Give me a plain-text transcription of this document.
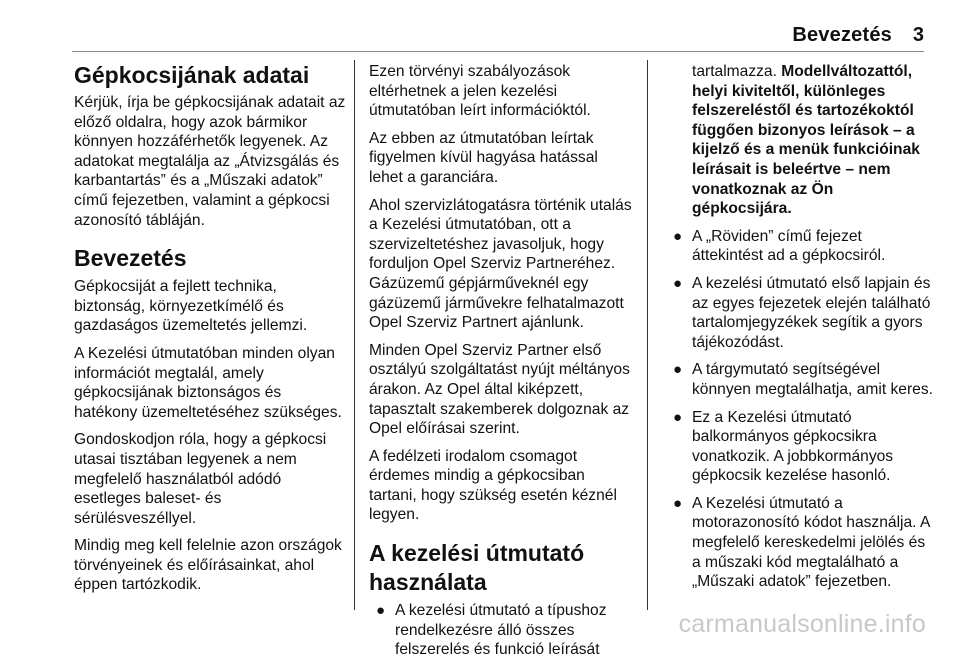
Bevezetés 3
Gépkocsijának adatai

Kérjük, írja be gépkocsijának adatait az előző oldalra, hogy azok bármikor könnyen hozzáférhetők legyenek. Az adatokat megtalálja az „Átvizsgálás és karbantartás” és a „Műszaki adatok” című fejezetben, valamint a gépkocsi azonosító tábláján.

Bevezetés

Gépkocsiját a fejlett technika, biztonság, környezetkímélő és gazdaságos üzemeltetés jellemzi.

A Kezelési útmutatóban minden olyan információt megtalál, amely gépkocsijának biztonságos és hatékony üzemeltetéséhez szükséges.

Gondoskodjon róla, hogy a gépkocsi utasai tisztában legyenek a nem megfelelő használatból adódó esetleges baleset- és sérülésveszéllyel.

Mindig meg kell felelnie azon országok törvényeinek és előírásainkat, ahol éppen tartózkodik.

Ezen törvényi szabályozások eltérhetnek a jelen kezelési útmutatóban leírt információktól.

Az ebben az útmutatóban leírtak figyelmen kívül hagyása hatással lehet a garanciára.

Ahol szervizlátogatásra történik utalás a Kezelési útmutatóban, ott a szervizeltetéshez javasoljuk, hogy forduljon Opel Szerviz Partneréhez. Gázüzemű gépjárműveknél egy gázüzemű járművekre felhatalmazott Opel Szerviz Partnert ajánlunk.

Minden Opel Szerviz Partner első osztályú szolgáltatást nyújt méltányos árakon. Az Opel által kiképzett, tapasztalt szakemberek dolgoznak az Opel előírásai szerint.

A fedélzeti irodalom csomagot érdemes mindig a gépkocsiban tartani, hogy szükség esetén kéznél legyen.

A kezelési útmutató használata
● A kezelési útmutató a típushoz rendelkezésre álló összes felszerelés és funkció leírását

tartalmazza. Modellváltozattól, helyi kiviteltől, különleges felszereléstől és tartozékoktól függően bizonyos leírások – a kijelző és a menük funkcióinak leírásait is beleértve – nem vonatkoznak az Ön gépkocsijára.

● A „Röviden” című fejezet áttekintést ad a gépkocsiról.
● A kezelési útmutató első lapjain és az egyes fejezetek elején található tartalomjegyzékek segítik a gyors tájékozódást.
● A tárgymutató segítségével könnyen megtalálhatja, amit keres.
● Ez a Kezelési útmutató balkormányos gépkocsikra vonatkozik. A jobbkormányos gépkocsik kezelése hasonló.
● A Kezelési útmutató a motorazonosító kódot használja. A megfelelő kereskedelmi jelölés és a műszaki kód megtalálható a „Műszaki adatok” fejezetben.
carmanualsonline.info
